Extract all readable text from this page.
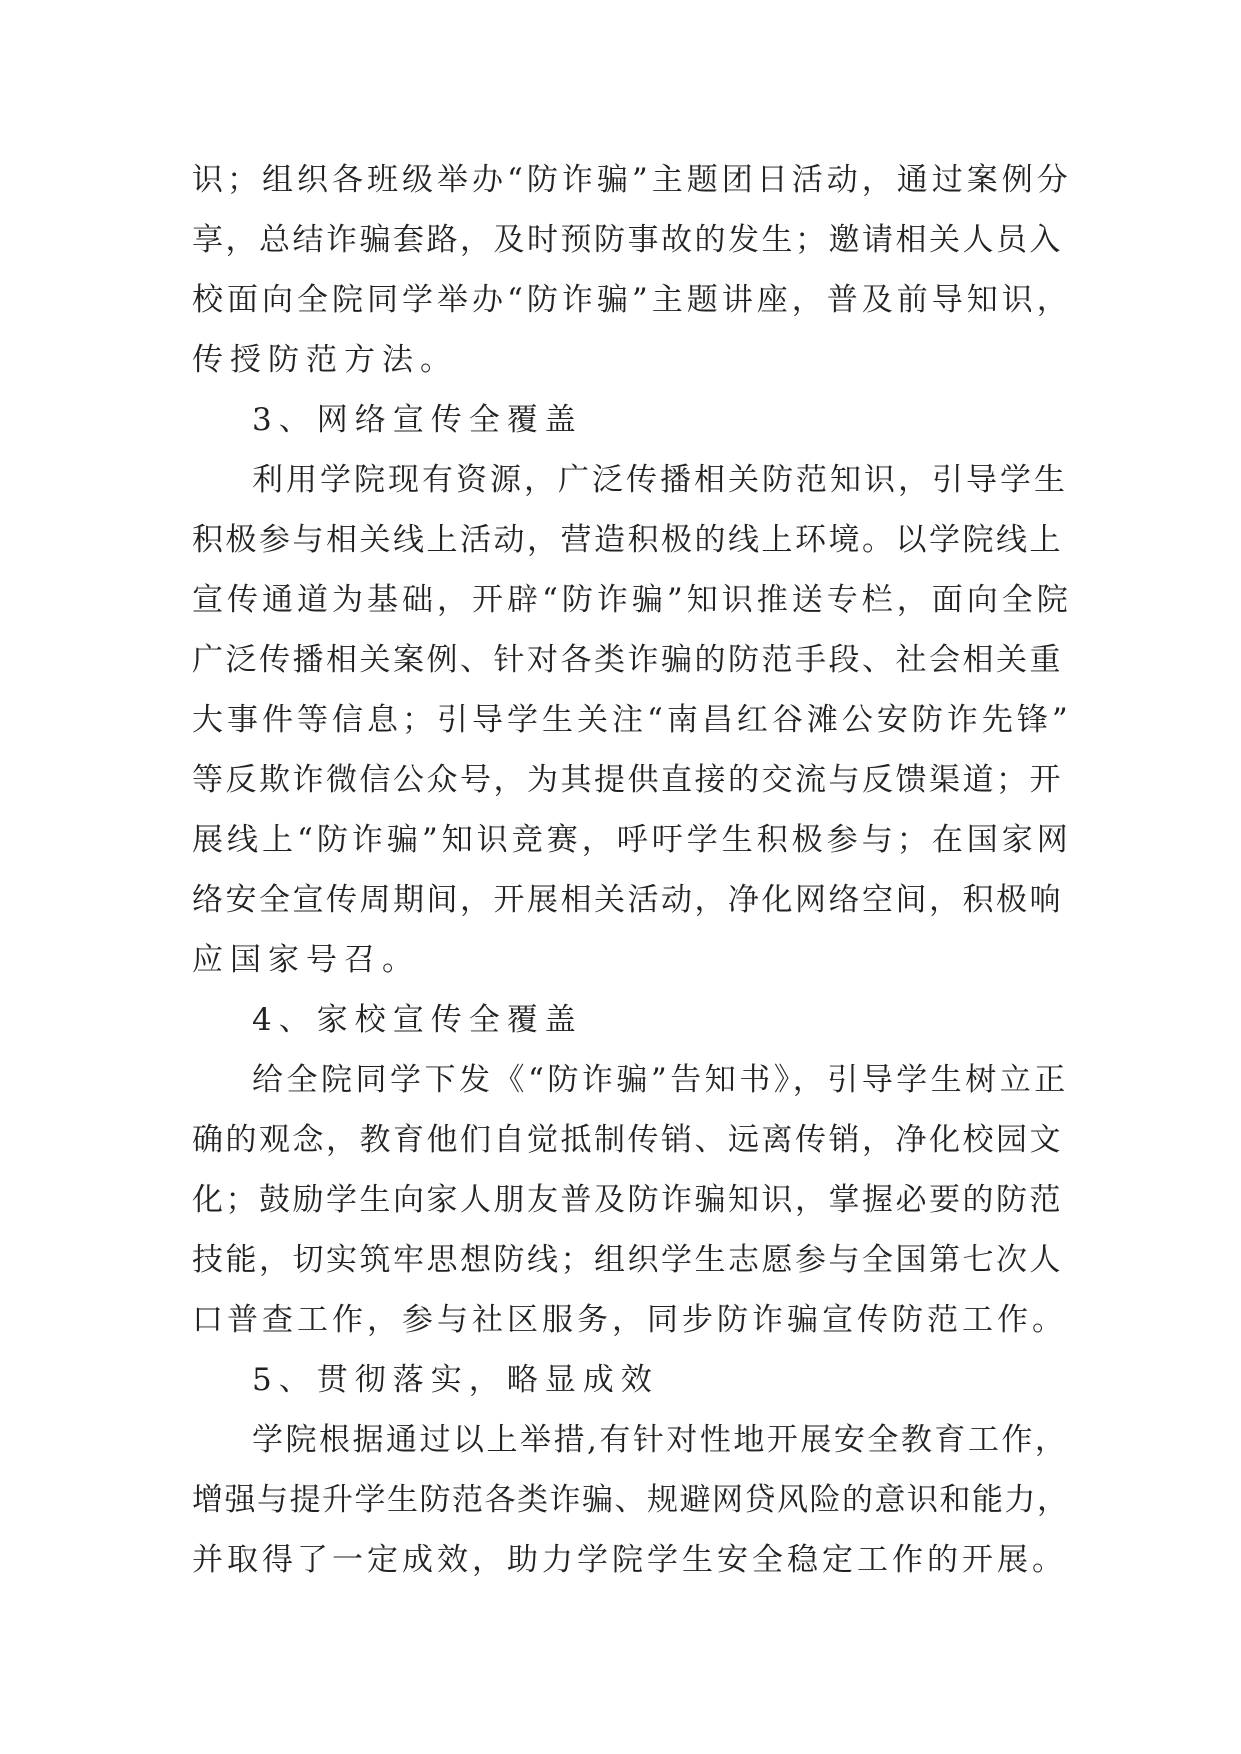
识；组织各班级举办“防诈骗”主题团日活动，通过案例分
享，总结诈骗套路，及时预防事故的发生；邀请相关人员入
校面向全院同学举办“防诈骗”主题讲座，普及前导知识，
传授防范方法。
3、网络宣传全覆盖
利用学院现有资源，广泛传播相关防范知识，引导学生
积极参与相关线上活动，营造积极的线上环境。以学院线上
宣传通道为基础，开辟“防诈骗”知识推送专栏，面向全院
广泛传播相关案例、针对各类诈骗的防范手段、社会相关重
大事件等信息；引导学生关注“南昌红谷滩公安防诈先锋”
等反欺诈微信公众号，为其提供直接的交流与反馈渠道；开
展线上“防诈骗”知识竞赛，呼吁学生积极参与；在国家网
络安全宣传周期间，开展相关活动，净化网络空间，积极响
应国家号召。
4、家校宣传全覆盖
给全院同学下发《“防诈骗”告知书》，引导学生树立正
确的观念，教育他们自觉抵制传销、远离传销，净化校园文
化；鼓励学生向家人朋友普及防诈骗知识，掌握必要的防范
技能，切实筑牢思想防线；组织学生志愿参与全国第七次人
口普查工作，参与社区服务，同步防诈骗宣传防范工作。
5、贯彻落实，略显成效
学院根据通过以上举措,有针对性地开展安全教育工作，
增强与提升学生防范各类诈骗、规避网贷风险的意识和能力，
并取得了一定成效，助力学院学生安全稳定工作的开展。
